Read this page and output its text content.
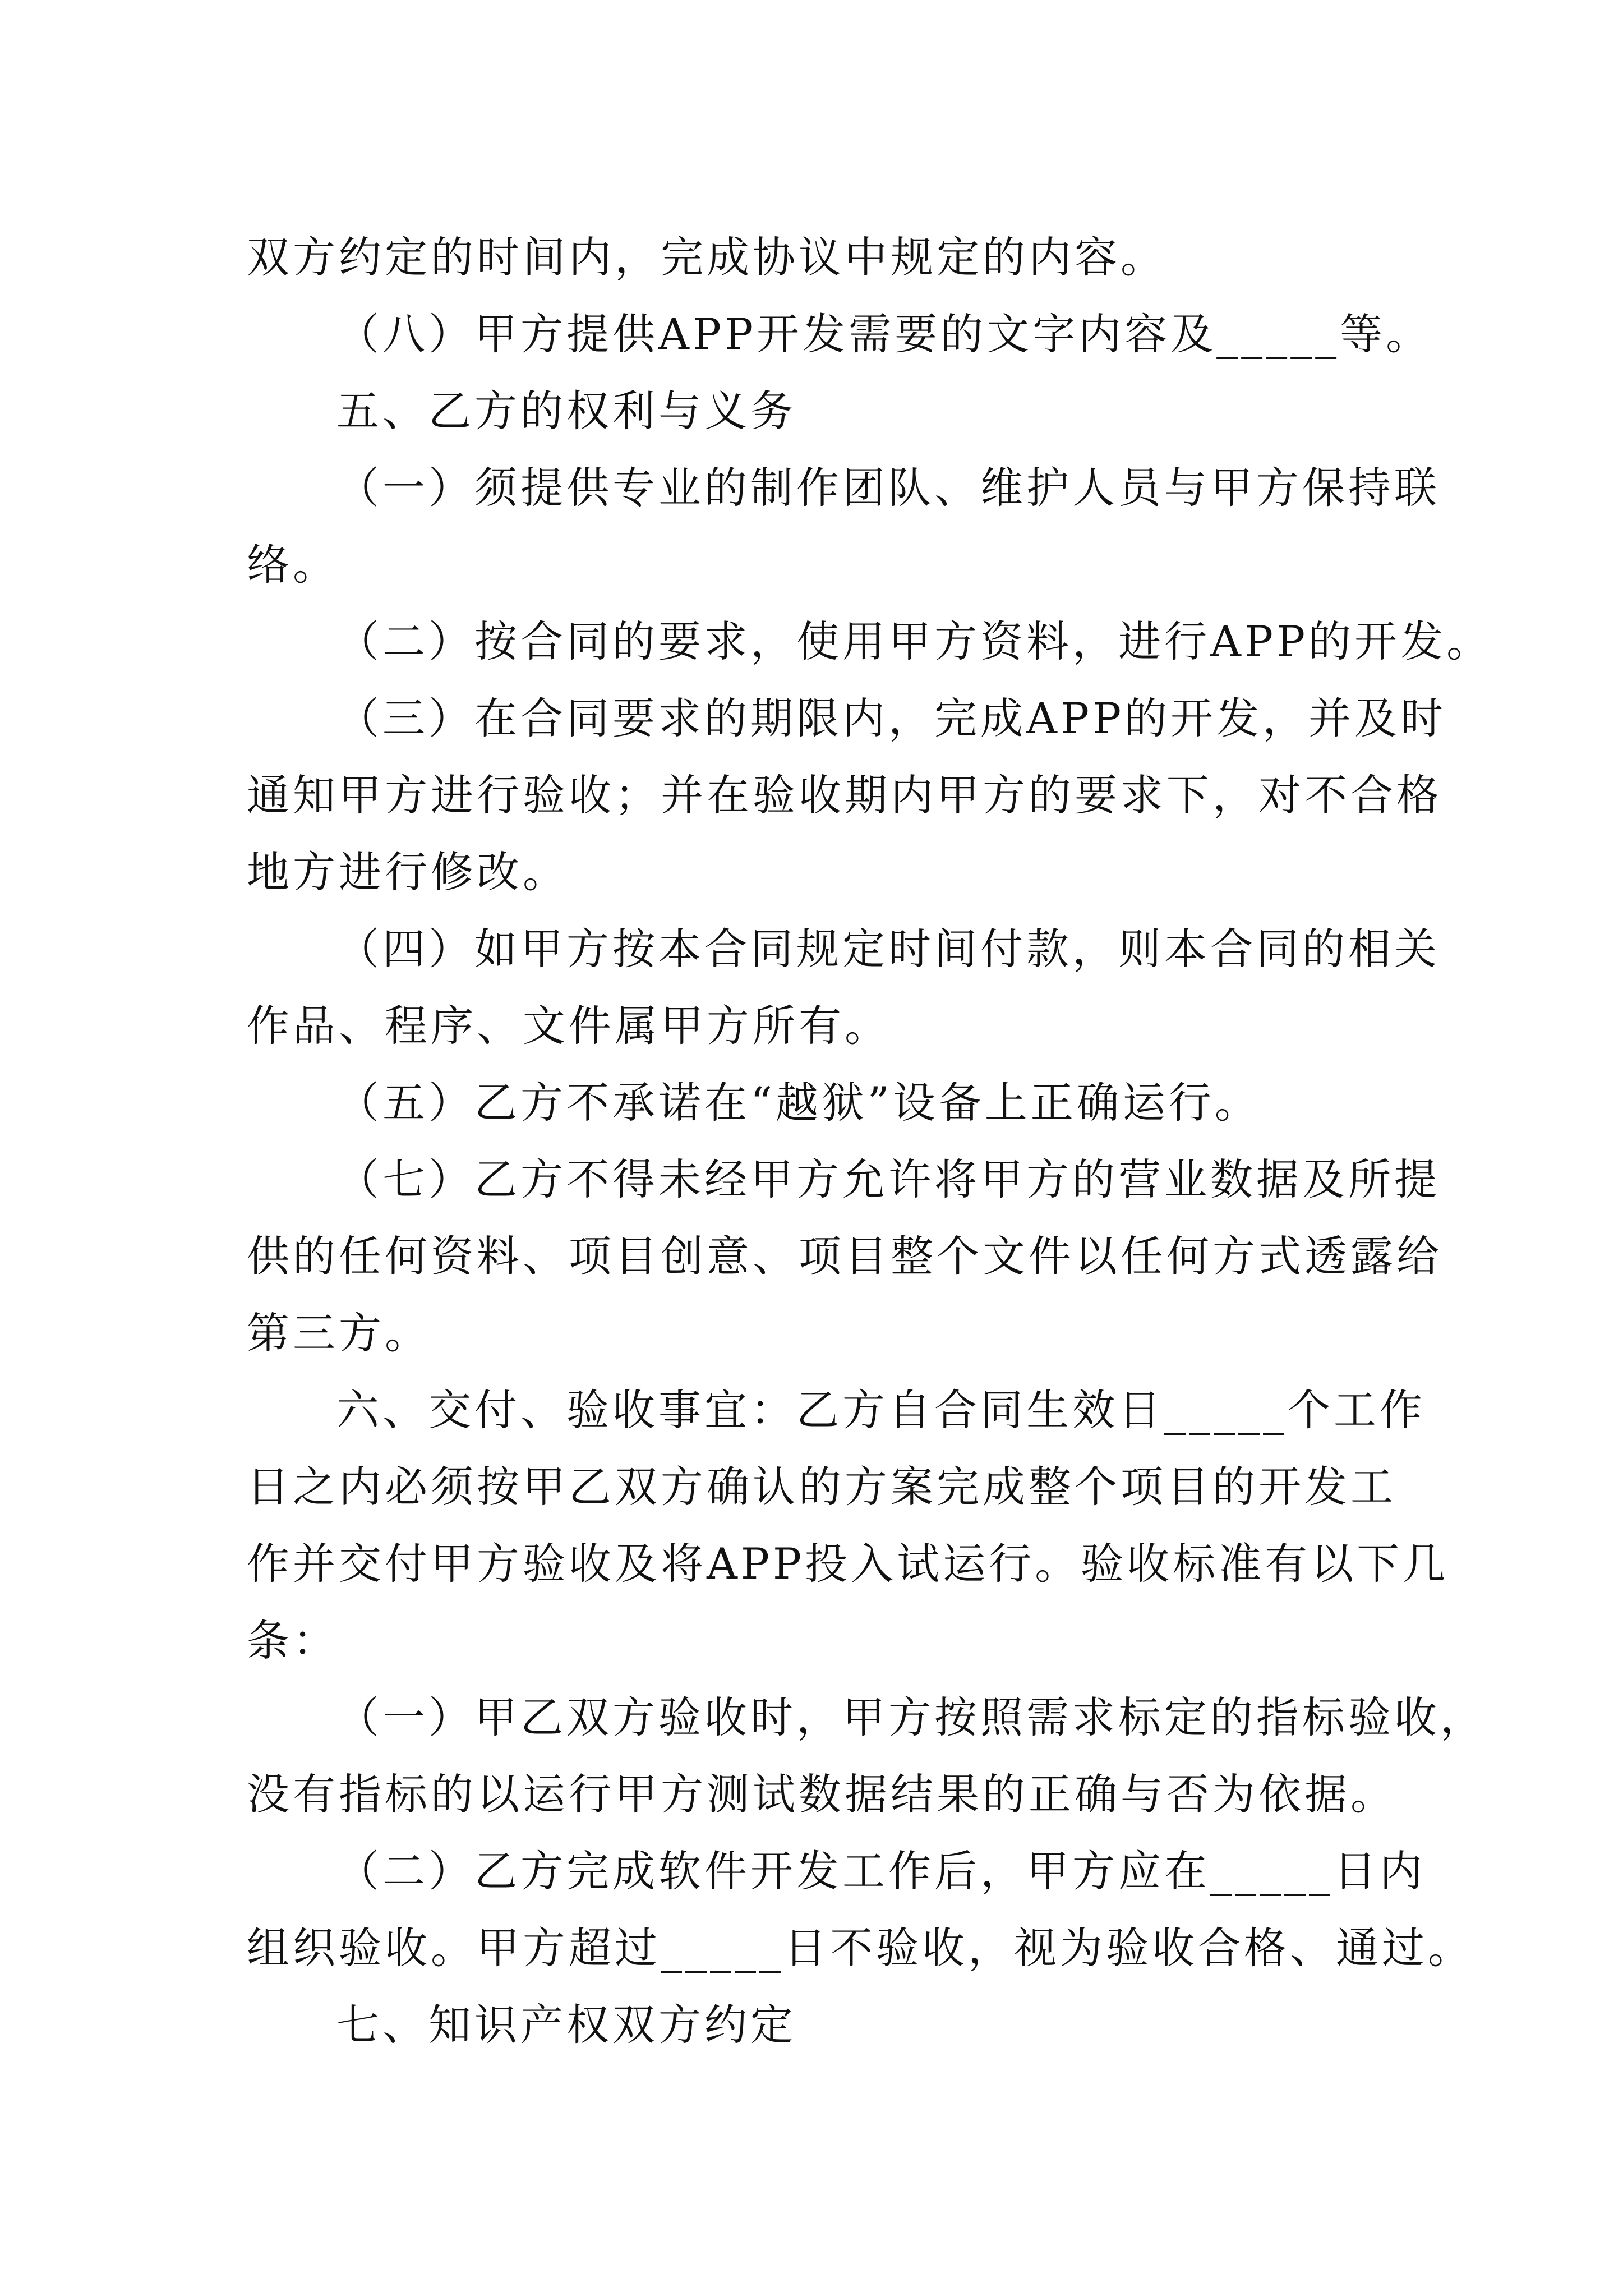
双方约定的时间内，完成协议中规定的内容。
（八）甲方提供APP开发需要的文字内容及_____等。
五、乙方的权利与义务
（一）须提供专业的制作团队、维护人员与甲方保持联
络。
（二）按合同的要求，使用甲方资料，进行APP的开发。
（三）在合同要求的期限内，完成APP的开发，并及时
通知甲方进行验收；并在验收期内甲方的要求下，对不合格
地方进行修改。
（四）如甲方按本合同规定时间付款，则本合同的相关
作品、程序、文件属甲方所有。
（五）乙方不承诺在“越狱”设备上正确运行。
（七）乙方不得未经甲方允许将甲方的营业数据及所提
供的任何资料、项目创意、项目整个文件以任何方式透露给
第三方。
六、交付、验收事宜：乙方自合同生效日_____个工作
日之内必须按甲乙双方确认的方案完成整个项目的开发工
作并交付甲方验收及将APP投入试运行。验收标准有以下几
条：
（一）甲乙双方验收时，甲方按照需求标定的指标验收，
没有指标的以运行甲方测试数据结果的正确与否为依据。
（二）乙方完成软件开发工作后，甲方应在_____日内
组织验收。甲方超过_____日不验收，视为验收合格、通过。
七、知识产权双方约定
